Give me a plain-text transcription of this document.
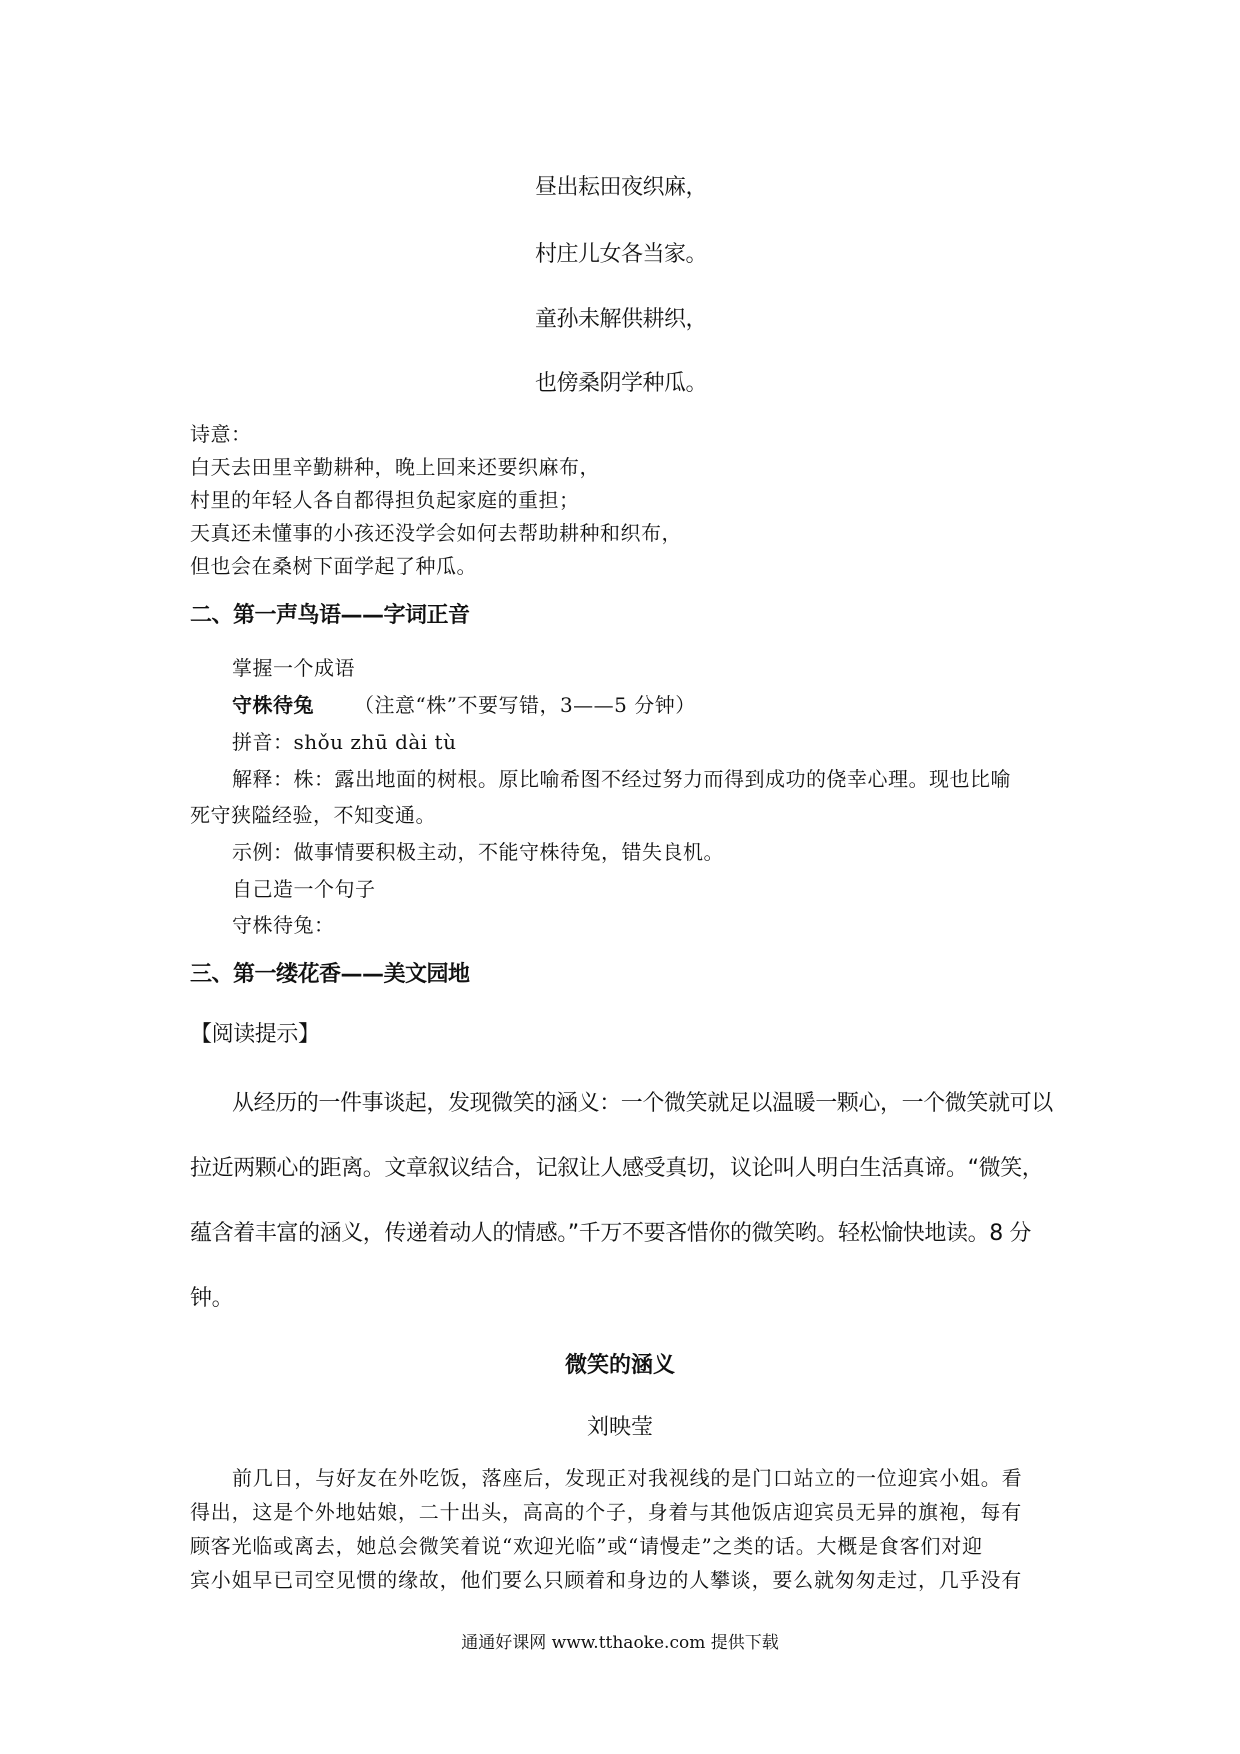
昼出耘田夜织麻，
村庄儿女各当家。
童孙未解供耕织，
也傍桑阴学种瓜。
诗意：
白天去田里辛勤耕种，晚上回来还要织麻布，
村里的年轻人各自都得担负起家庭的重担；
天真还未懂事的小孩还没学会如何去帮助耕种和织布，
但也会在桑树下面学起了种瓜。
二、第一声鸟语——字词正音
掌握一个成语
守株待兔 （注意“株”不要写错，3——5 分钟）
拼音：shǒu zhū dài tù
解释：株：露出地面的树根。原比喻希图不经过努力而得到成功的侥幸心理。现也比喻
死守狭隘经验，不知变通。
示例：做事情要积极主动，不能守株待兔，错失良机。
自己造一个句子
守株待兔：
三、第一缕花香——美文园地
【阅读提示】
从经历的一件事谈起，发现微笑的涵义：一个微笑就足以温暖一颗心，一个微笑就可以
拉近两颗心的距离。文章叙议结合，记叙让人感受真切，议论叫人明白生活真谛。“微笑，
蕴含着丰富的涵义，传递着动人的情感。”千万不要吝惜你的微笑哟。轻松愉快地读。8 分
钟。
微笑的涵义
刘映莹
前几日，与好友在外吃饭，落座后，发现正对我视线的是门口站立的一位迎宾小姐。看
得出，这是个外地姑娘，二十出头，高高的个子，身着与其他饭店迎宾员无异的旗袍，每有
顾客光临或离去，她总会微笑着说“欢迎光临”或“请慢走”之类的话。大概是食客们对迎
宾小姐早已司空见惯的缘故，他们要么只顾着和身边的人攀谈，要么就匆匆走过，几乎没有
通通好课网 www.tthaoke.com 提供下载
